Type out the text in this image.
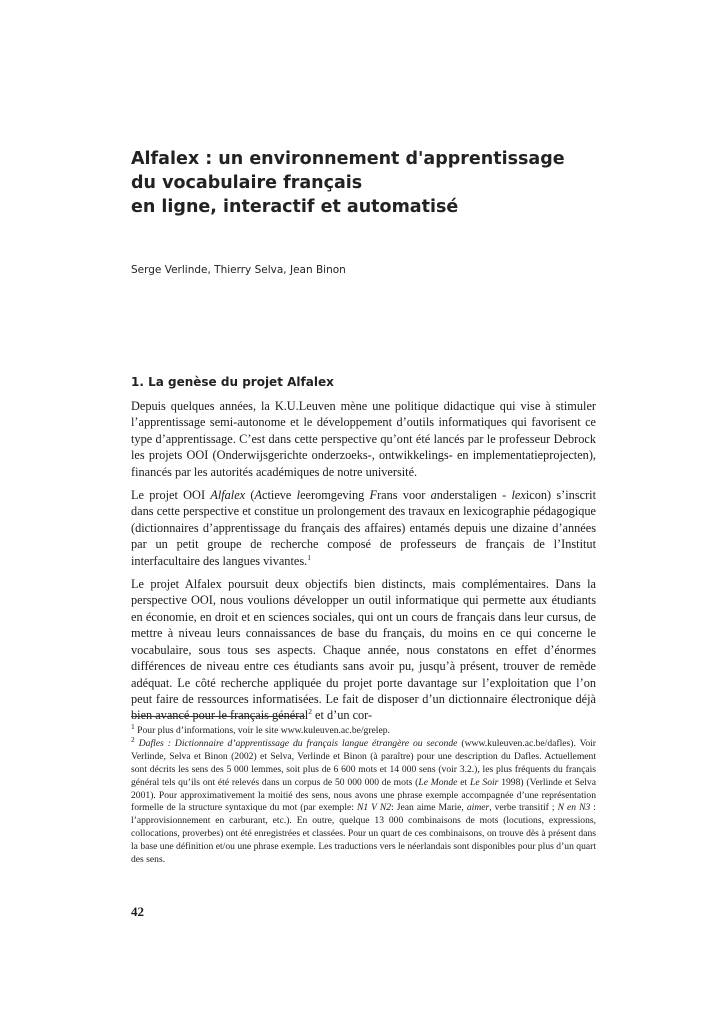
Alfalex : un environnement d'apprentissage
du vocabulaire français
en ligne, interactif et automatisé
Serge Verlinde, Thierry Selva, Jean Binon
1. La genèse du projet Alfalex

Depuis quelques années, la K.U.Leuven mène une politique didactique qui vise à stimuler l’apprentissage semi-autonome et le développement d’outils informatiques qui favorisent ce type d’apprentissage. C’est dans cette perspective qu’ont été lancés par le professeur Debrock les projets OOI (Onderwijsgerichte onderzoeks-, ontwikkelings- en implementatieprojecten), financés par les autorités académiques de notre université.

Le projet OOI Alfalex (Actieve leeromgeving Frans voor anderstaligen - lexicon) s’inscrit dans cette perspective et constitue un prolongement des travaux en lexicographie pédagogique (dictionnaires d’apprentissage du français des affaires) entamés depuis une dizaine d’années par un petit groupe de recherche composé de professeurs de français de l’Institut interfacultaire des langues vivantes.$^1$

Le projet Alfalex poursuit deux objectifs bien distincts, mais complémentaires. Dans la perspective OOI, nous voulions développer un outil informatique qui permette aux étudiants en économie, en droit et en sciences sociales, qui ont un cours de français dans leur cursus, de mettre à niveau leurs connaissances de base du français, du moins en ce qui concerne le vocabulaire, sous tous ses aspects. Chaque année, nous constatons en effet d’énormes différences de niveau entre ces étudiants sans avoir pu, jusqu’à présent, trouver de remède adéquat. Le côté recherche appliquée du projet porte davantage sur l’exploitation que l’on peut faire de ressources informatisées. Le fait de disposer d’un dictionnaire électronique déjà bien avancé pour le français général$^2$ et d’un cor-

$^1$ Pour plus d’informations, voir le site www.kuleuven.ac.be/grelep.

$^2$ Dafles : Dictionnaire d’apprentissage du français langue étrangère ou seconde (www.kuleuven.ac.be/dafles). Voir Verlinde, Selva et Binon (2002) et Selva, Verlinde et Binon (à paraître) pour une description du Dafles. Actuellement sont décrits les sens des 5 000 lemmes, soit plus de 6 600 mots et 14 000 sens (voir 3.2.), les plus fréquents du français général tels qu’ils ont été relevés dans un corpus de 50 000 000 de mots (Le Monde et Le Soir 1998) (Verlinde et Selva 2001). Pour approximativement la moitié des sens, nous avons une phrase exemple accompagnée d’une représentation formelle de la structure syntaxique du mot (par exemple: N1 V N2: Jean aime Marie, aimer, verbe transitif ; N en N3 : l’approvisionnement en carburant, etc.). En outre, quelque 13 000 combinaisons de mots (locutions, expressions, collocations, proverbes) ont été enregistrées et classées. Pour un quart de ces combinaisons, on trouve dès à présent dans la base une définition et/ou une phrase exemple. Les traductions vers le néerlandais sont disponibles pour plus d’un quart des sens.

42
